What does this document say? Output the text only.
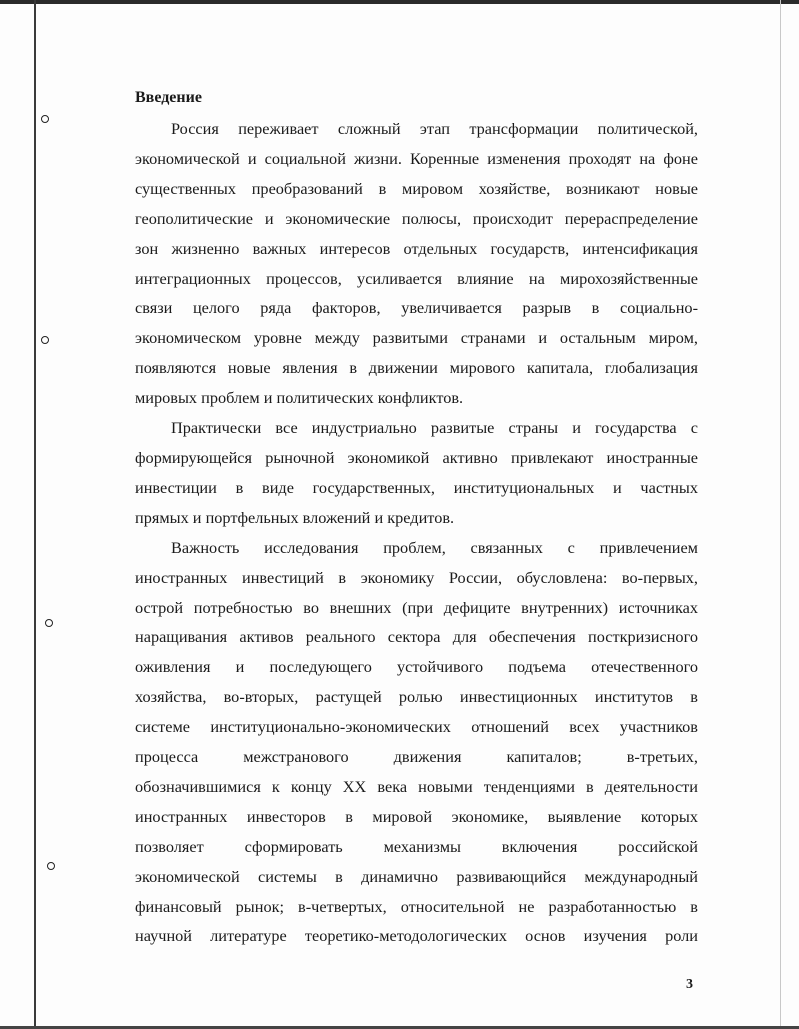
Введение

Россия переживает сложный этап трансформации политической,
экономической и социальной жизни. Коренные изменения проходят на фоне
существенных преобразований в мировом хозяйстве, возникают новые
геополитические и экономические полюсы, происходит перераспределение
зон жизненно важных интересов отдельных государств, интенсификация
интеграционных процессов, усиливается влияние на мирохозяйственные
связи целого ряда факторов, увеличивается разрыв в социально-
экономическом уровне между развитыми странами и остальным миром,
появляются новые явления в движении мирового капитала, глобализация
мировых проблем и политических конфликтов.

Практически все индустриально развитые страны и государства с
формирующейся рыночной экономикой активно привлекают иностранные
инвестиции в виде государственных, институциональных и частных
прямых и портфельных вложений и кредитов.

Важность исследования проблем, связанных с привлечением
иностранных инвестиций в экономику России, обусловлена: во-первых,
острой потребностью во внешних (при дефиците внутренних) источниках
наращивания активов реального сектора для обеспечения посткризисного
оживления и последующего устойчивого подъема отечественного
хозяйства, во-вторых, растущей ролью инвестиционных институтов в
системе институционально-экономических отношений всех участников
процесса межстранового движения капиталов; в-третьих,
обозначившимися к концу XX века новыми тенденциями в деятельности
иностранных инвесторов в мировой экономике, выявление которых
позволяет сформировать механизмы включения российской
экономической системы в динамично развивающийся международный
финансовый рынок; в-четвертых, относительной не разработанностью в
научной литературе теоретико-методологических основ изучения роли

3
